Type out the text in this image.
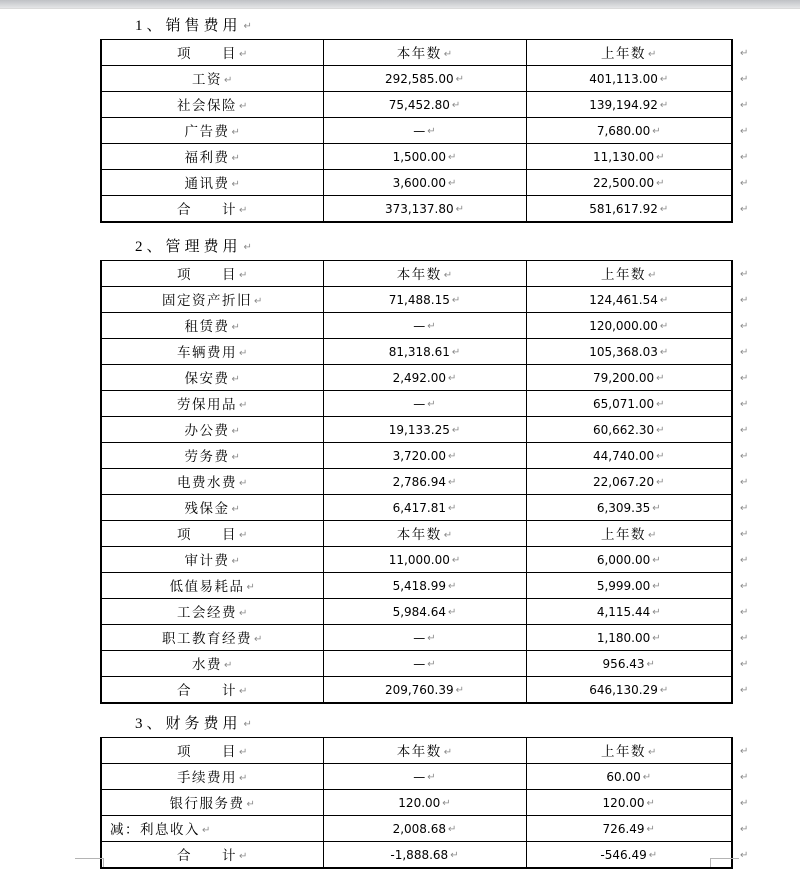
1、销售费用 ↵
项　　目 ↵	本年数 ↵	上年数 ↵	↵
工资 ↵	292,585.00 ↵	401,113.00 ↵	↵
社会保险 ↵	75,452.80 ↵	139,194.92 ↵	↵
广告费 ↵	— ↵	7,680.00 ↵	↵
福利费 ↵	1,500.00 ↵	11,130.00 ↵	↵
通讯费 ↵	3,600.00 ↵	22,500.00 ↵	↵
合　　计 ↵	373,137.80 ↵	581,617.92 ↵	↵
2、管理费用 ↵
项　　目 ↵	本年数 ↵	上年数 ↵	↵
固定资产折旧 ↵	71,488.15 ↵	124,461.54 ↵	↵
租赁费 ↵	— ↵	120,000.00 ↵	↵
车辆费用 ↵	81,318.61 ↵	105,368.03 ↵	↵
保安费 ↵	2,492.00 ↵	79,200.00 ↵	↵
劳保用品 ↵	— ↵	65,071.00 ↵	↵
办公费 ↵	19,133.25 ↵	60,662.30 ↵	↵
劳务费 ↵	3,720.00 ↵	44,740.00 ↵	↵
电费水费 ↵	2,786.94 ↵	22,067.20 ↵	↵
残保金 ↵	6,417.81 ↵	6,309.35 ↵	↵
项　　目 ↵	本年数 ↵	上年数 ↵	↵
审计费 ↵	11,000.00 ↵	6,000.00 ↵	↵
低值易耗品 ↵	5,418.99 ↵	5,999.00 ↵	↵
工会经费 ↵	5,984.64 ↵	4,115.44 ↵	↵
职工教育经费 ↵	— ↵	1,180.00 ↵	↵
水费 ↵	— ↵	956.43 ↵	↵
合　　计 ↵	209,760.39 ↵	646,130.29 ↵	↵
3、财务费用 ↵
项　　目 ↵	本年数 ↵	上年数 ↵	↵
手续费用 ↵	— ↵	60.00 ↵	↵
银行服务费 ↵	120.00 ↵	120.00 ↵	↵
减：利息收入 ↵	2,008.68 ↵	726.49 ↵	↵
合　　计 ↵	-1,888.68 ↵	-546.49 ↵	↵
